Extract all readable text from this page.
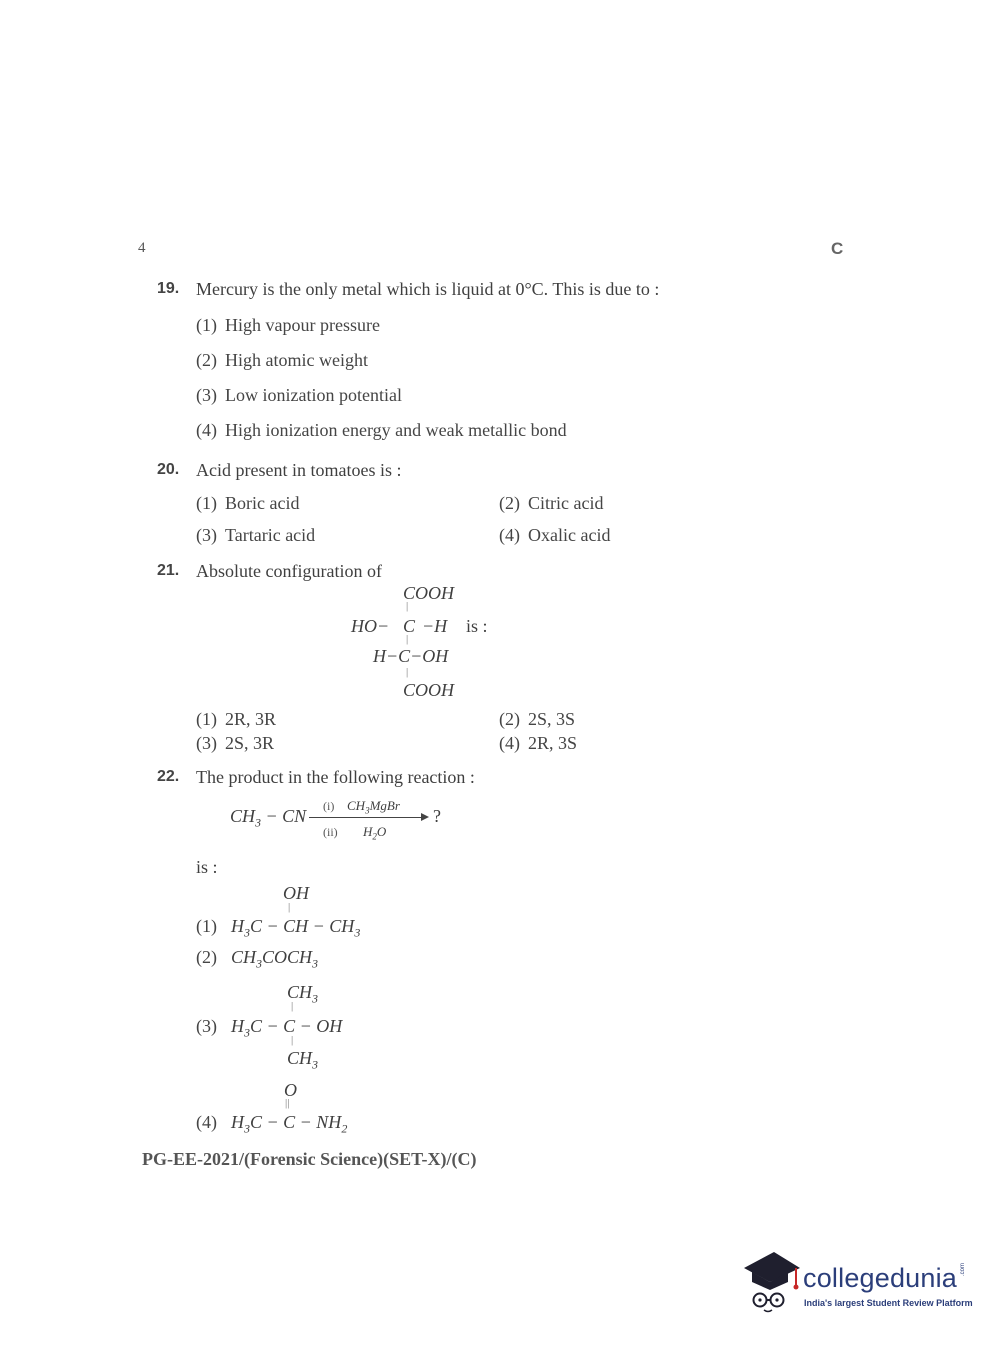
4	C
19. Mercury is the only metal which is liquid at 0°C. This is due to :
(1) High vapour pressure
(2) High atomic weight
(3) Low ionization potential
(4) High ionization energy and weak metallic bond
20. Acid present in tomatoes is :
(1) Boric acid	(2) Citric acid
(3) Tartaric acid	(4) Oxalic acid
21. Absolute configuration of
COOH
|
HO− C −H is :
|
H−C−OH
|
COOH
(1) 2R, 3R	(2) 2S, 3S
(3) 2S, 3R	(4) 2R, 3S
22. The product in the following reaction :
$CH_3$ − CN (i) $CH_3MgBr$
?
(ii) $H_2O$
is :
OH
|
(1) $H_3C$ − CH − $CH_3$
(2) $CH_3COCH_3$
$CH_3$
|
(3) $H_3C - C$ − OH
|
$CH_3$
O
||
(4) $H_3C - C - NH_2$
PG-EE-2021/(Forensic Science)(SET-X)/(C)
collegedunia .com
India's largest Student Review Platform
